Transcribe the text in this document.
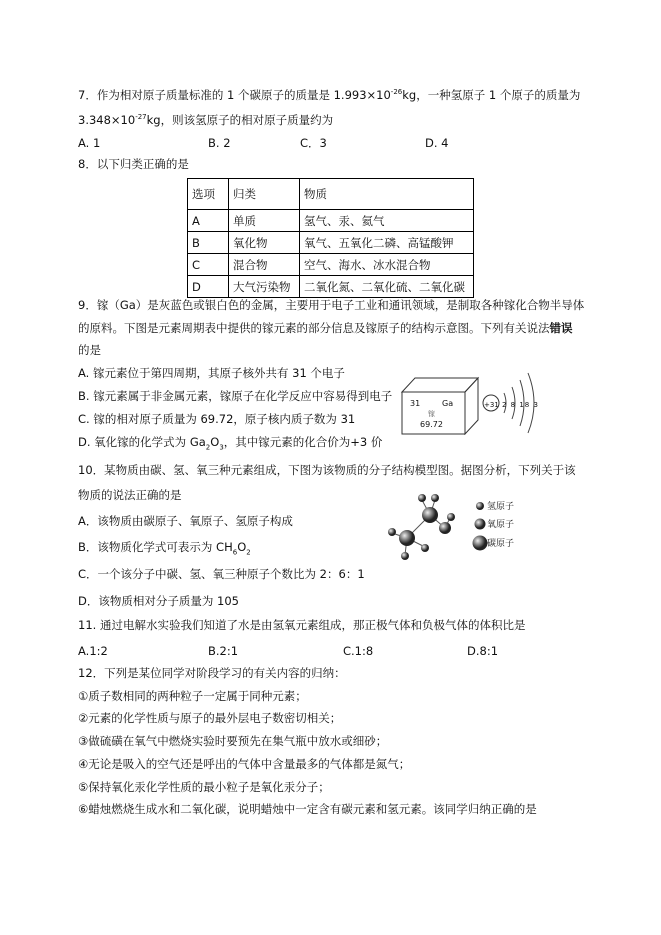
7．作为相对原子质量标准的 1 个碳原子的质量是 $1.993\times 10^{-26}kg$，一种氢原子 1 个原子的质量为
$3.348\times 10^{-27}kg$，则该氢原子的相对原子质量约为
A. 1	B. 2	C．3	D. 4
8．以下归类正确的是
选项	归类	物质
A	单质	氢气、汞、氦气
B	氧化物	氧气、五氧化二磷、高锰酸钾
C	混合物	空气、海水、冰水混合物
D	大气污染物	二氧化氮、二氧化硫、二氧化碳
9．镓（Ga）是灰蓝色或银白色的金属，主要用于电子工业和通讯领域，是制取各种镓化合物半导体
的原料。下图是元素周期表中提供的镓元素的部分信息及镓原子的结构示意图。下列有关说法错误
的是
A. 镓元素位于第四周期，其原子核外共有 31 个电子
B. 镓元素属于非金属元素，镓原子在化学反应中容易得到电子
C. 镓的相对原子质量为 69.72，原子核内质子数为 31
D. 氧化镓的化学式为 $Ga_2O_3$，其中镓元素的化合价为+3 价
31	Ga
镓
69.72
+31 2 8 18 3
10．某物质由碳、氢、氧三种元素组成，下图为该物质的分子结构模型图。据图分析，下列关于该
物质的说法正确的是
A．该物质由碳原子、氧原子、氢原子构成
B．该物质化学式可表示为 $CH_6O_2$
C．一个该分子中碳、氢、氧三种原子个数比为 2：6：1
D．该物质相对分子质量为 105
氢原子
氧原子
碳原子
11. 通过电解水实验我们知道了水是由氢氧元素组成，那正极气体和负极气体的体积比是
A.1:2	B.2:1	C.1:8	D.8:1
12．下列是某位同学对阶段学习的有关内容的归纳：
①质子数相同的两种粒子一定属于同种元素；
②元素的化学性质与原子的最外层电子数密切相关；
③做硫磺在氧气中燃烧实验时要预先在集气瓶中放水或细砂；
④无论是吸入的空气还是呼出的气体中含量最多的气体都是氮气；
⑤保持氧化汞化学性质的最小粒子是氧化汞分子；
⑥蜡烛燃烧生成水和二氧化碳，说明蜡烛中一定含有碳元素和氢元素。该同学归纳正确的是
